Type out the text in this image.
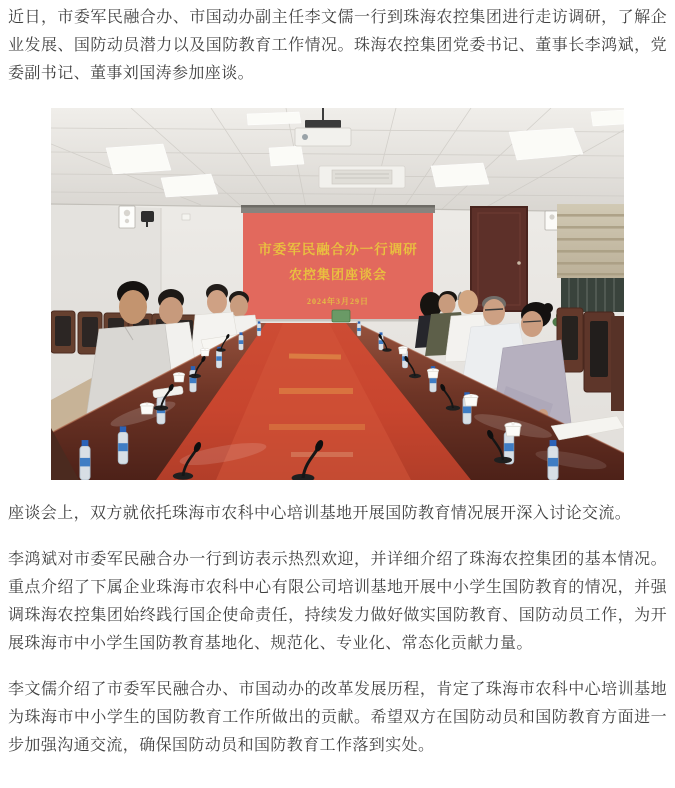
近日，市委军民融合办、市国动办副主任李文儒一行到珠海农控集团进行走访调研，了解企业发展、国防动员潜力以及国防教育工作情况。珠海农控集团党委书记、董事长李鸿斌，党委副书记、董事刘国涛参加座谈。

市委军民融合办一行调研
农控集团座谈会
2024年3月29日

座谈会上，双方就依托珠海市农科中心培训基地开展国防教育情况展开深入讨论交流。

李鸿斌对市委军民融合办一行到访表示热烈欢迎，并详细介绍了珠海农控集团的基本情况。重点介绍了下属企业珠海市农科中心有限公司培训基地开展中小学生国防教育的情况，并强调珠海农控集团始终践行国企使命责任，持续发力做好做实国防教育、国防动员工作，为开展珠海市中小学生国防教育基地化、规范化、专业化、常态化贡献力量。

李文儒介绍了市委军民融合办、市国动办的改革发展历程，肯定了珠海市农科中心培训基地为珠海市中小学生的国防教育工作所做出的贡献。希望双方在国防动员和国防教育方面进一步加强沟通交流，确保国防动员和国防教育工作落到实处。
